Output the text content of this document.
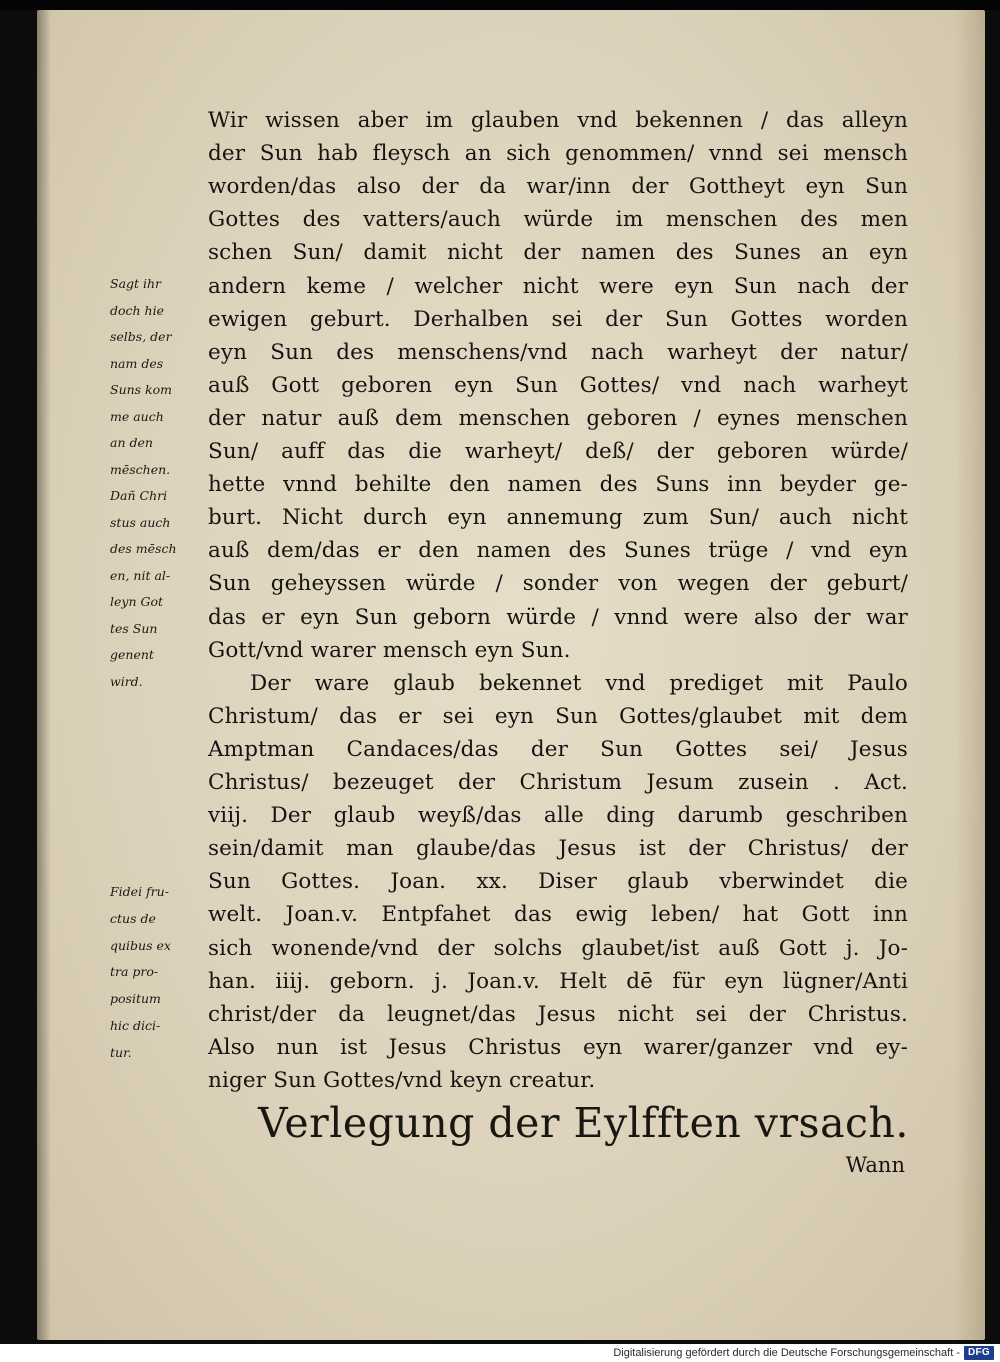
Wir wissen aber im glauben vnd bekennen / das alleyn
der Sun hab fleysch an sich genommen/ vnnd sei mensch
worden/das also der da war/inn der Gottheyt eyn Sun
Gottes des vatters/auch würde im menschen des men
schen Sun/ damit nicht der namen des Sunes an eyn
andern keme / welcher nicht were eyn Sun nach der
ewigen geburt. Derhalben sei der Sun Gottes worden
eyn Sun des menschens/vnd nach warheyt der natur/
auß Gott geboren eyn Sun Gottes/ vnd nach warheyt
der natur auß dem menschen geboren / eynes menschen
Sun/ auff das die warheyt/ deß/ der geboren würde/
hette vnnd behilte den namen des Suns inn beyder ge-
burt. Nicht durch eyn annemung zum Sun/ auch nicht
auß dem/das er den namen des Sunes trüge / vnd eyn
Sun geheyssen würde / sonder von wegen der geburt/
das er eyn Sun geborn würde / vnnd were also der war
Gott/vnd warer mensch eyn Sun.
Der ware glaub bekennet vnd prediget mit Paulo
Christum/ das er sei eyn Sun Gottes/glaubet mit dem
Amptman Candaces/das der Sun Gottes sei/ Jesus
Christus/ bezeuget der Christum Jesum zusein . Act.
viij. Der glaub weyß/das alle ding darumb geschriben
sein/damit man glaube/das Jesus ist der Christus/ der
Sun Gottes. Joan. xx. Diser glaub vberwindet die
welt. Joan.v. Entpfahet das ewig leben/ hat Gott inn
sich wonende/vnd der solchs glaubet/ist auß Gott j. Jo-
han. iiij. geborn. j. Joan.v. Helt dē für eyn lügner/Anti
christ/der da leugnet/das Jesus nicht sei der Christus.
Also nun ist Jesus Christus eyn warer/ganzer vnd ey-
niger Sun Gottes/vnd keyn creatur.
Sagt ihr
doch hie
selbs, der
nam des
Suns kom
me auch
an den
mēschen.
Dañ Chri
stus auch
des mēsch
en, nit al-
leyn Got
tes Sun
genent
wird.
Fidei fru-
ctus de
quibus ex
tra pro-
positum
hic dici-
tur.
Verlegung der Eylfften vrsach.
Wann
Digitalisierung gefördert durch die Deutsche Forschungsgemeinschaft - DFG
